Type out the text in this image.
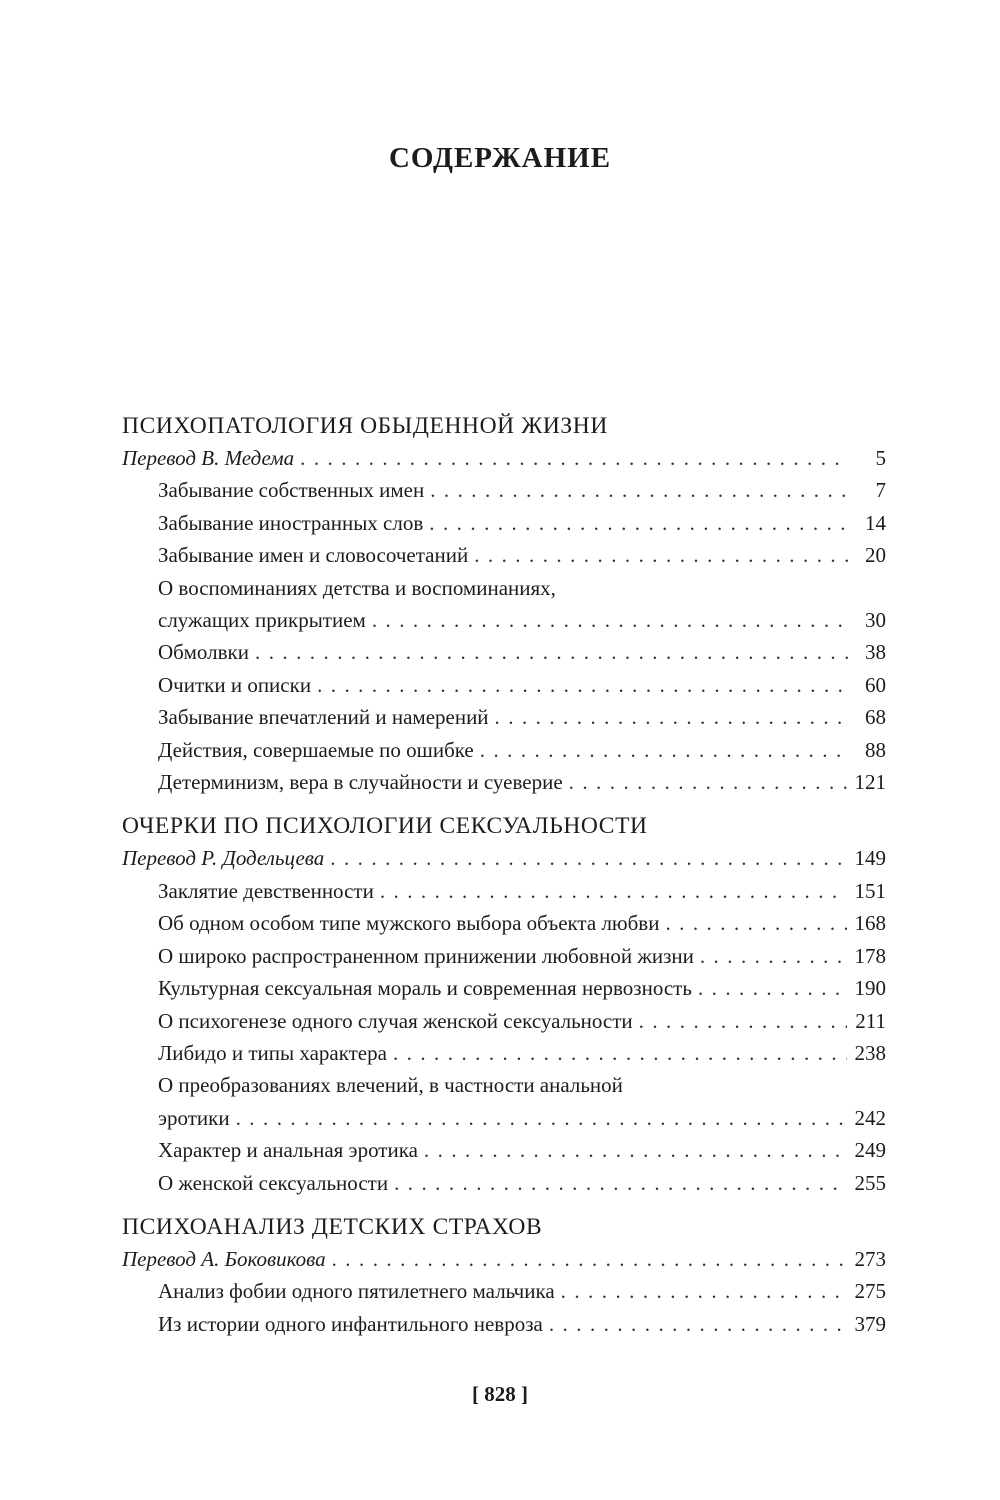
СОДЕРЖАНИЕ
ПСИХОПАТОЛОГИЯ ОБЫДЕННОЙ ЖИЗНИ
Перевод В. Медема . . .	5
Забывание собственных имен . . .	7
Забывание иностранных слов . . .	14
Забывание имен и словосочетаний . . .	20
О воспоминаниях детства и воспоминаниях,
служащих прикрытием . . .	30
Обмолвки . . .	38
Очитки и описки . . .	60
Забывание впечатлений и намерений . . .	68
Действия, совершаемые по ошибке . . .	88
Детерминизм, вера в случайности и суеверие . . .	121
ОЧЕРКИ ПО ПСИХОЛОГИИ СЕКСУАЛЬНОСТИ
Перевод Р. Додельцева . . .	149
Заклятие девственности . . .	151
Об одном особом типе мужского выбора объекта любви . . .	168
О широко распространенном принижении любовной жизни . . .	178
Культурная сексуальная мораль и современная нервозность . . .	190
О психогенезе одного случая женской сексуальности . . .	211
Либидо и типы характера . . .	238
О преобразованиях влечений, в частности анальной
эротики . . .	242
Характер и анальная эротика . . .	249
О женской сексуальности . . .	255
ПСИХОАНАЛИЗ ДЕТСКИХ СТРАХОВ
Перевод А. Боковикова . . .	273
Анализ фобии одного пятилетнего мальчика . . .	275
Из истории одного инфантильного невроза . . .	379
[ 828 ]
